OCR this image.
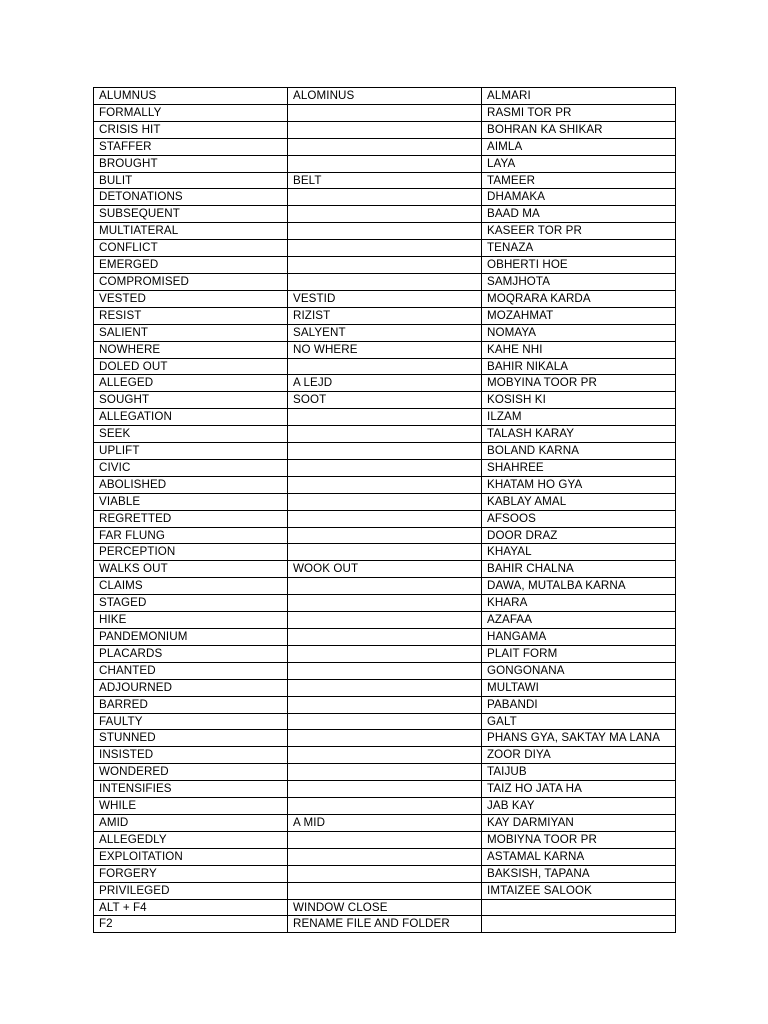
ALUMNUS	ALOMINUS	ALMARI
FORMALLY		RASMI TOR PR
CRISIS HIT		BOHRAN KA SHIKAR
STAFFER		AIMLA
BROUGHT		LAYA
BULIT	BELT	TAMEER
DETONATIONS		DHAMAKA
SUBSEQUENT		BAAD MA
MULTIATERAL		KASEER TOR PR
CONFLICT		TENAZA
EMERGED		OBHERTI HOE
COMPROMISED		SAMJHOTA
VESTED	VESTID	MOQRARA KARDA
RESIST	RIZIST	MOZAHMAT
SALIENT	SALYENT	NOMAYA
NOWHERE	NO WHERE	KAHE NHI
DOLED OUT		BAHIR NIKALA
ALLEGED	A LEJD	MOBYINA TOOR PR
SOUGHT	SOOT	KOSISH KI
ALLEGATION		ILZAM
SEEK		TALASH KARAY
UPLIFT		BOLAND KARNA
CIVIC		SHAHREE
ABOLISHED		KHATAM HO GYA
VIABLE		KABLAY AMAL
REGRETTED		AFSOOS
FAR FLUNG		DOOR DRAZ
PERCEPTION		KHAYAL
WALKS OUT	WOOK OUT	BAHIR CHALNA
CLAIMS		DAWA, MUTALBA KARNA
STAGED		KHARA
HIKE		AZAFAA
PANDEMONIUM		HANGAMA
PLACARDS		PLAIT FORM
CHANTED		GONGONANA
ADJOURNED		MULTAWI
BARRED		PABANDI
FAULTY		GALT
STUNNED		PHANS GYA, SAKTAY MA LANA
INSISTED		ZOOR DIYA
WONDERED		TAIJUB
INTENSIFIES		TAIZ HO JATA HA
WHILE		JAB KAY
AMID	A MID	KAY DARMIYAN
ALLEGEDLY		MOBIYNA TOOR PR
EXPLOITATION		ASTAMAL KARNA
FORGERY		BAKSISH, TAPANA
PRIVILEGED		IMTAIZEE SALOOK
ALT + F4	WINDOW CLOSE	
F2	RENAME FILE AND FOLDER	
